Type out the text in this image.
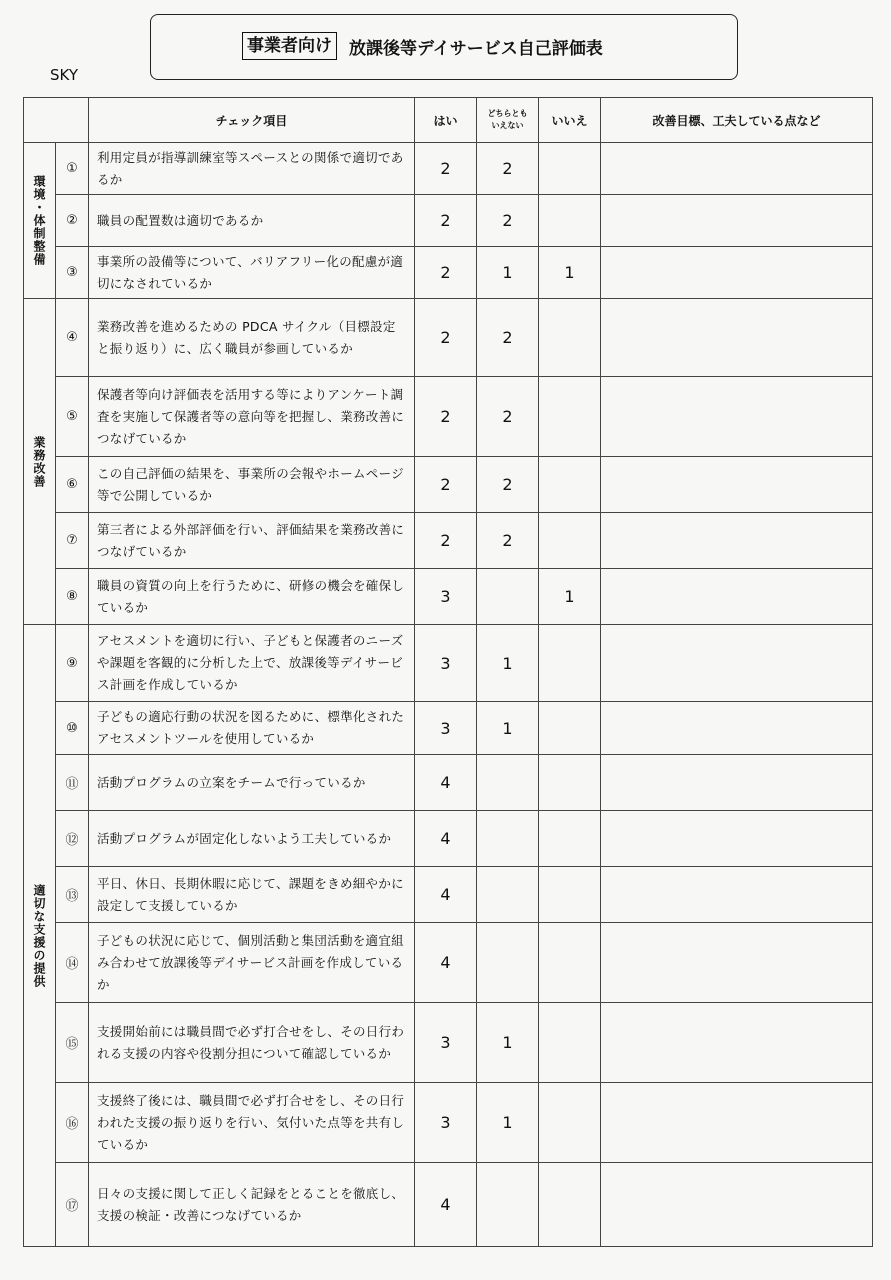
事業者向け 放課後等デイサービス自己評価表
SKY
		チェック項目	はい	どちらとも
いえない	いいえ	改善目標、工夫している点など
環境・体制整備	①	利用定員が指導訓練室等スペースとの関係で適切であるか	2	2		
	②	職員の配置数は適切であるか	2	2		
	③	事業所の設備等について、バリアフリー化の配慮が適切になされているか	2	1	1	
業務改善	④	業務改善を進めるための PDCA サイクル（目標設定と振り返り）に、広く職員が参画しているか	2	2		
	⑤	保護者等向け評価表を活用する等によりアンケート調査を実施して保護者等の意向等を把握し、業務改善につなげているか	2	2		
	⑥	この自己評価の結果を、事業所の会報やホームページ等で公開しているか	2	2		
	⑦	第三者による外部評価を行い、評価結果を業務改善につなげているか	2	2		
	⑧	職員の資質の向上を行うために、研修の機会を確保しているか	3		1	
適切な支援の提供	⑨	アセスメントを適切に行い、子どもと保護者のニーズや課題を客観的に分析した上で、放課後等デイサービス計画を作成しているか	3	1		
	⑩	子どもの適応行動の状況を図るために、標準化されたアセスメントツールを使用しているか	3	1		
	⑪	活動プログラムの立案をチームで行っているか	4			
	⑫	活動プログラムが固定化しないよう工夫しているか	4			
	⑬	平日、休日、長期休暇に応じて、課題をきめ細やかに設定して支援しているか	4			
	⑭	子どもの状況に応じて、個別活動と集団活動を適宜組み合わせて放課後等デイサービス計画を作成しているか	4			
	⑮	支援開始前には職員間で必ず打合せをし、その日行われる支援の内容や役割分担について確認しているか	3	1		
	⑯	支援終了後には、職員間で必ず打合せをし、その日行われた支援の振り返りを行い、気付いた点等を共有しているか	3	1		
	⑰	日々の支援に関して正しく記録をとることを徹底し、支援の検証・改善につなげているか	4			
